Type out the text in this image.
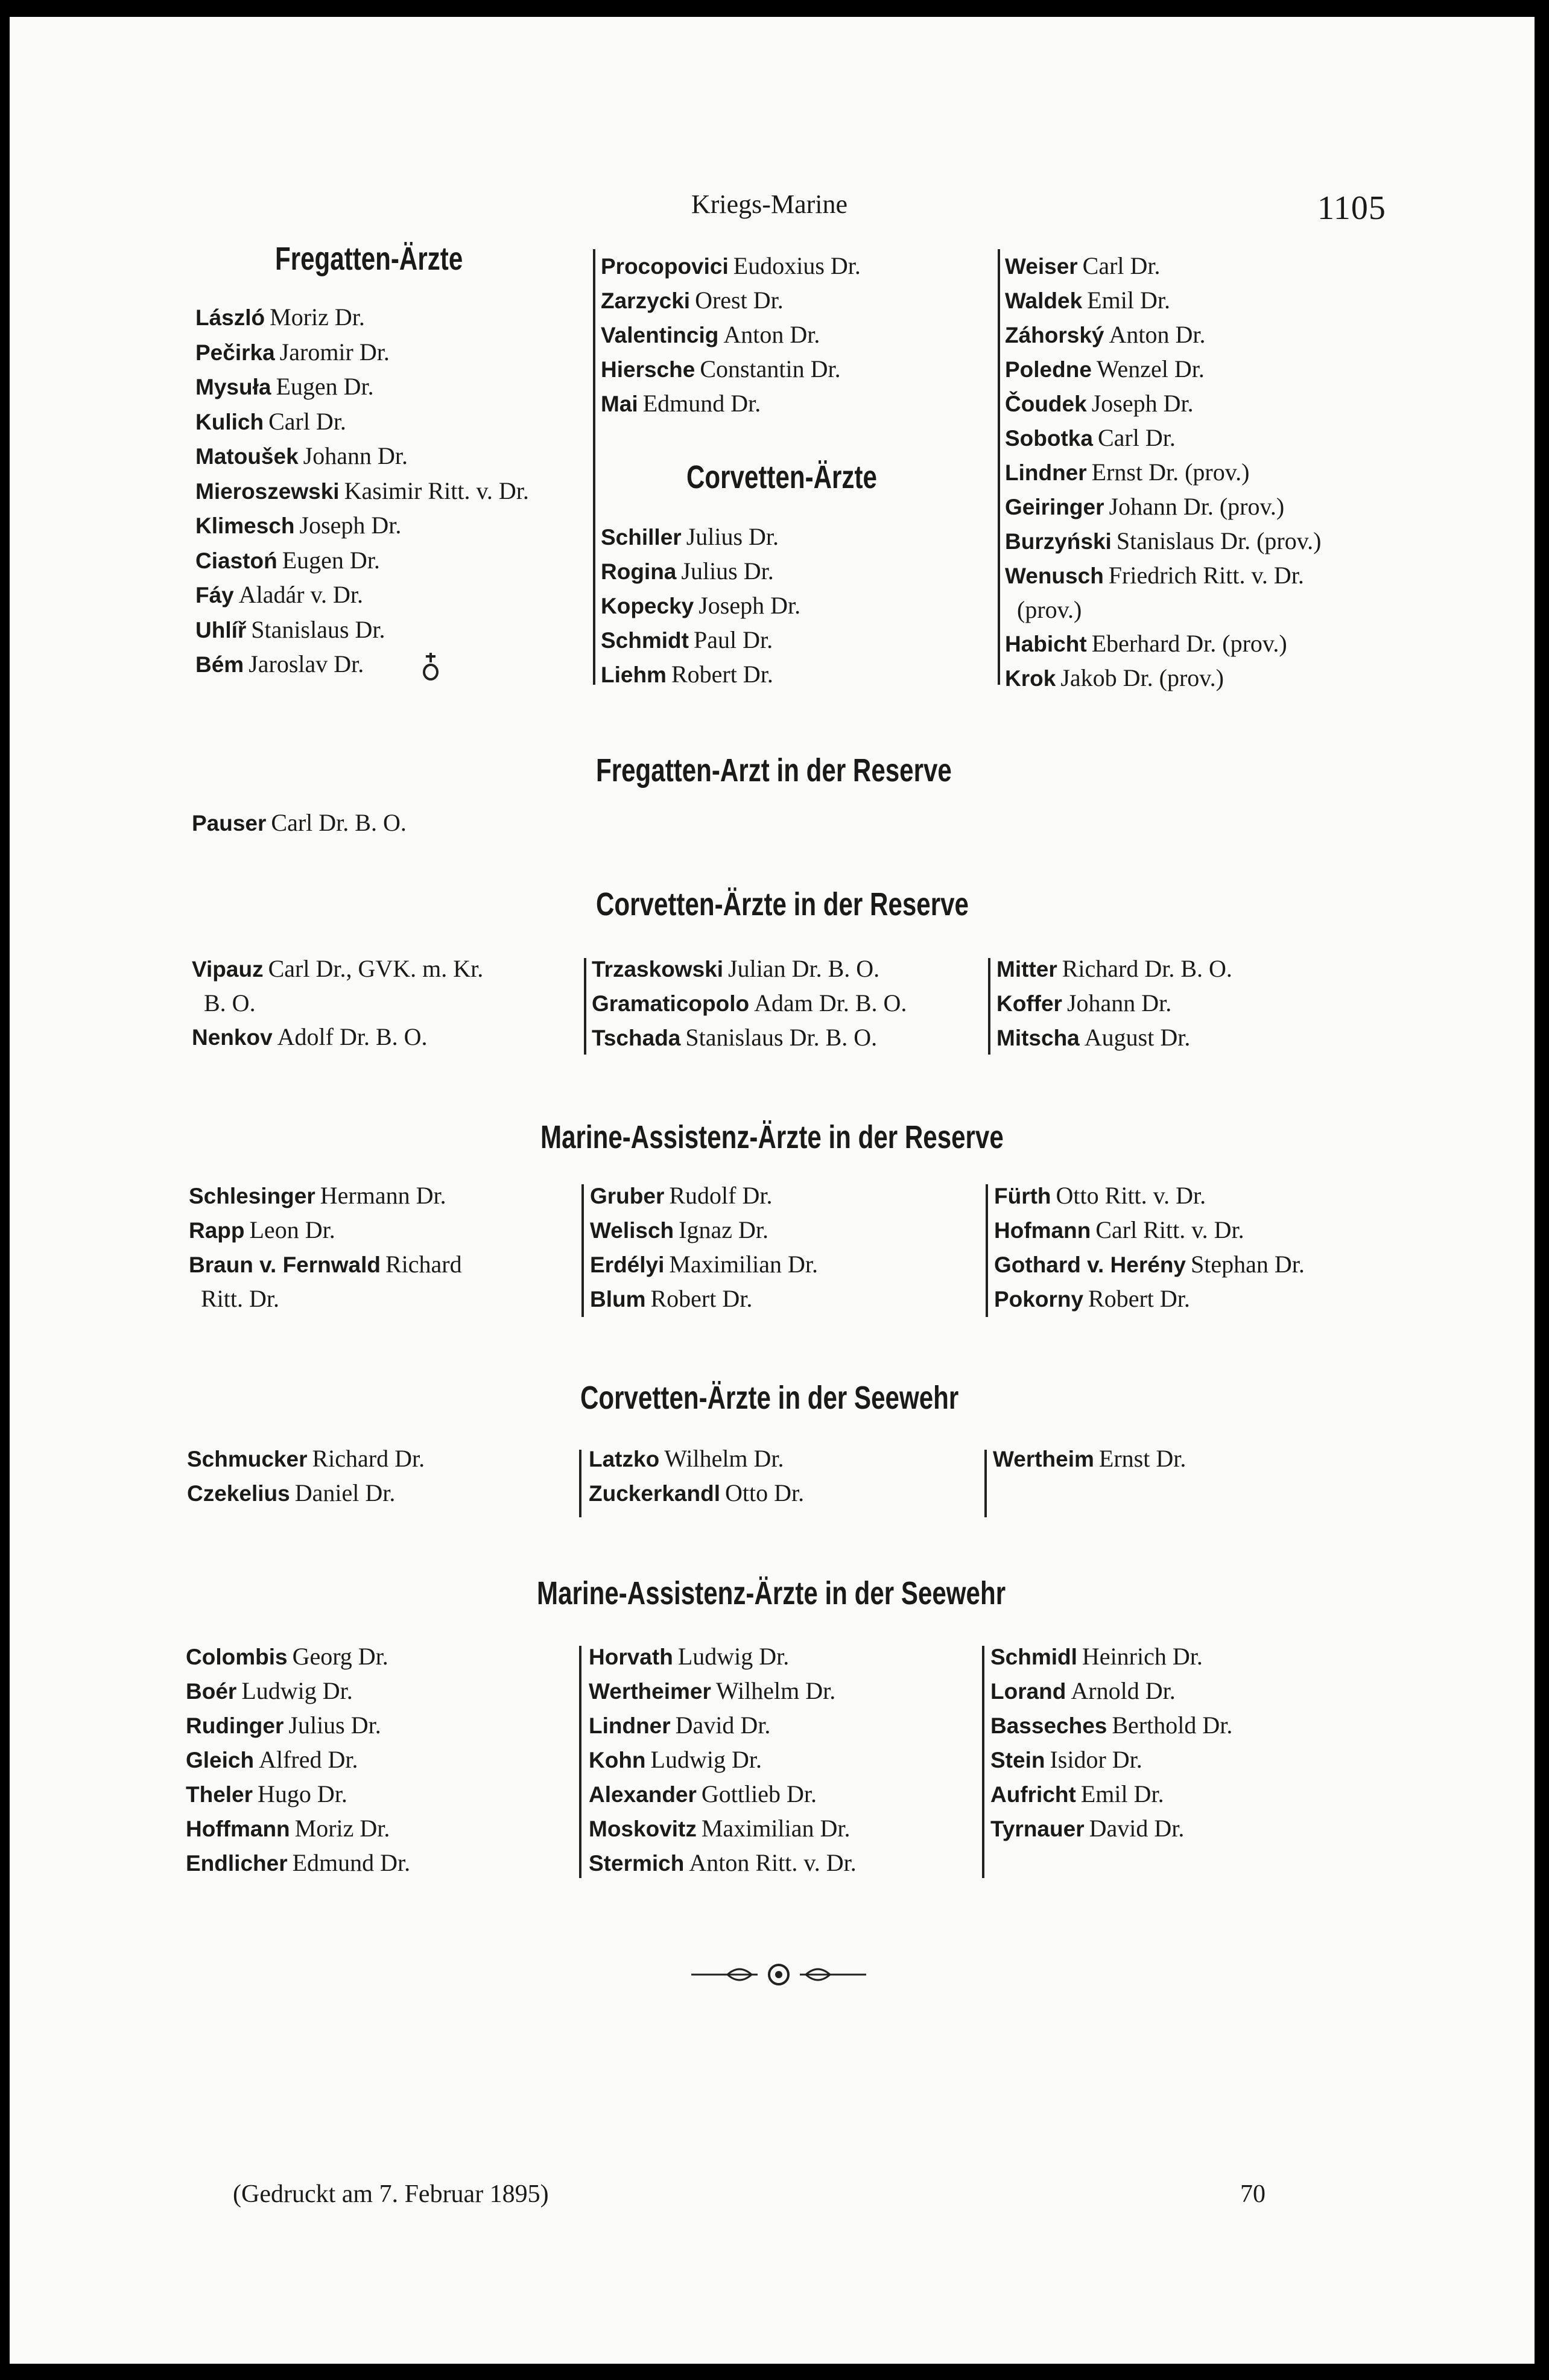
Kriegs-Marine	1105
Fregatten-Ärzte
László Moriz Dr.
Pečirka Jaromir Dr.
Mysuła Eugen Dr.
Kulich Carl Dr.
Matoušek Johann Dr.
Mieroszewski Kasimir Ritt. v. Dr.
Klimesch Joseph Dr.
Ciastoń Eugen Dr.
Fáy Aladár v. Dr.
Uhlíř Stanislaus Dr.
Bém Jaroslav Dr.
Procopovici Eudoxius Dr.
Zarzycki Orest Dr.
Valentincig Anton Dr.
Hiersche Constantin Dr.
Mai Edmund Dr.
Weiser Carl Dr.
Waldek Emil Dr.
Záhorský Anton Dr.
Poledne Wenzel Dr.
Čoudek Joseph Dr.
Sobotka Carl Dr.
Lindner Ernst Dr. (prov.)
Geiringer Johann Dr. (prov.)
Burzyński Stanislaus Dr. (prov.)
Wenusch Friedrich Ritt. v. Dr.
(prov.)
Habicht Eberhard Dr. (prov.)
Krok Jakob Dr. (prov.)
Corvetten-Ärzte
Schiller Julius Dr.
Rogina Julius Dr.
Kopecky Joseph Dr.
Schmidt Paul Dr.
Liehm Robert Dr.
Fregatten-Arzt in der Reserve
Pauser Carl Dr. B. O.
Corvetten-Ärzte in der Reserve
Vipauz Carl Dr., GVK. m. Kr.
B. O.
Nenkov Adolf Dr. B. O.
Trzaskowski Julian Dr. B. O.
Gramaticopolo Adam Dr. B. O.
Tschada Stanislaus Dr. B. O.
Mitter Richard Dr. B. O.
Koffer Johann Dr.
Mitscha August Dr.
Marine-Assistenz-Ärzte in der Reserve
Schlesinger Hermann Dr.
Rapp Leon Dr.
Braun v. Fernwald Richard
Ritt. Dr.
Gruber Rudolf Dr.
Welisch Ignaz Dr.
Erdélyi Maximilian Dr.
Blum Robert Dr.
Fürth Otto Ritt. v. Dr.
Hofmann Carl Ritt. v. Dr.
Gothard v. Herény Stephan Dr.
Pokorny Robert Dr.
Corvetten-Ärzte in der Seewehr
Schmucker Richard Dr.
Czekelius Daniel Dr.
Latzko Wilhelm Dr.
Zuckerkandl Otto Dr.
Wertheim Ernst Dr.
Marine-Assistenz-Ärzte in der Seewehr
Colombis Georg Dr.
Boér Ludwig Dr.
Rudinger Julius Dr.
Gleich Alfred Dr.
Theler Hugo Dr.
Hoffmann Moriz Dr.
Endlicher Edmund Dr.
Horvath Ludwig Dr.
Wertheimer Wilhelm Dr.
Lindner David Dr.
Kohn Ludwig Dr.
Alexander Gottlieb Dr.
Moskovitz Maximilian Dr.
Stermich Anton Ritt. v. Dr.
Schmidl Heinrich Dr.
Lorand Arnold Dr.
Basseches Berthold Dr.
Stein Isidor Dr.
Aufricht Emil Dr.
Tyrnauer David Dr.
(Gedruckt am 7. Februar 1895)	70
